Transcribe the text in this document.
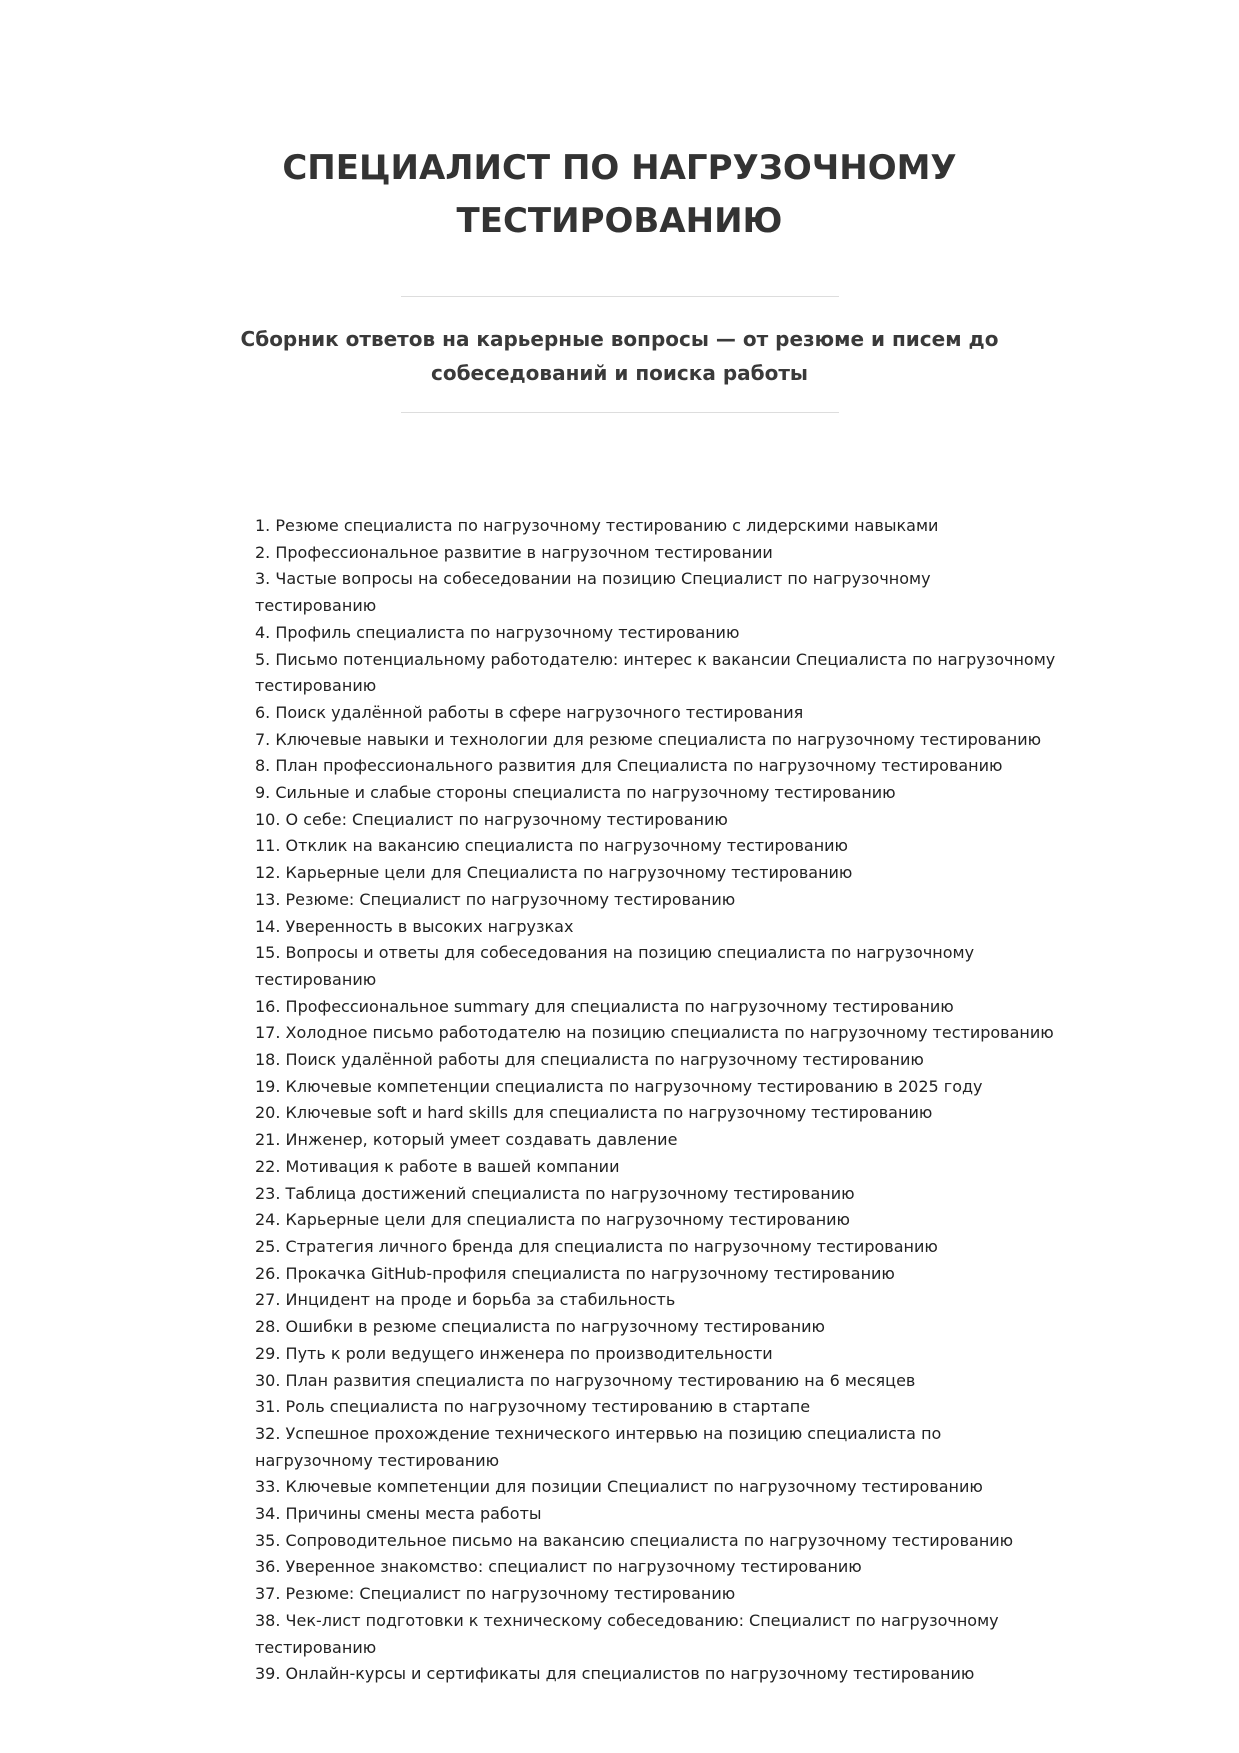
СПЕЦИАЛИСТ ПО НАГРУЗОЧНОМУ
ТЕСТИРОВАНИЮ

Сборник ответов на карьерные вопросы — от резюме и писем до
собеседований и поиска работы

1. Резюме специалиста по нагрузочному тестированию с лидерскими навыками
2. Профессиональное развитие в нагрузочном тестировании
3. Частые вопросы на собеседовании на позицию Специалист по нагрузочному
тестированию
4. Профиль специалиста по нагрузочному тестированию
5. Письмо потенциальному работодателю: интерес к вакансии Специалиста по нагрузочному
тестированию
6. Поиск удалённой работы в сфере нагрузочного тестирования
7. Ключевые навыки и технологии для резюме специалиста по нагрузочному тестированию
8. План профессионального развития для Специалиста по нагрузочному тестированию
9. Сильные и слабые стороны специалиста по нагрузочному тестированию
10. О себе: Специалист по нагрузочному тестированию
11. Отклик на вакансию специалиста по нагрузочному тестированию
12. Карьерные цели для Специалиста по нагрузочному тестированию
13. Резюме: Специалист по нагрузочному тестированию
14. Уверенность в высоких нагрузках
15. Вопросы и ответы для собеседования на позицию специалиста по нагрузочному
тестированию
16. Профессиональное summary для специалиста по нагрузочному тестированию
17. Холодное письмо работодателю на позицию специалиста по нагрузочному тестированию
18. Поиск удалённой работы для специалиста по нагрузочному тестированию
19. Ключевые компетенции специалиста по нагрузочному тестированию в 2025 году
20. Ключевые soft и hard skills для специалиста по нагрузочному тестированию
21. Инженер, который умеет создавать давление
22. Мотивация к работе в вашей компании
23. Таблица достижений специалиста по нагрузочному тестированию
24. Карьерные цели для специалиста по нагрузочному тестированию
25. Стратегия личного бренда для специалиста по нагрузочному тестированию
26. Прокачка GitHub-профиля специалиста по нагрузочному тестированию
27. Инцидент на проде и борьба за стабильность
28. Ошибки в резюме специалиста по нагрузочному тестированию
29. Путь к роли ведущего инженера по производительности
30. План развития специалиста по нагрузочному тестированию на 6 месяцев
31. Роль специалиста по нагрузочному тестированию в стартапе
32. Успешное прохождение технического интервью на позицию специалиста по
нагрузочному тестированию
33. Ключевые компетенции для позиции Специалист по нагрузочному тестированию
34. Причины смены места работы
35. Сопроводительное письмо на вакансию специалиста по нагрузочному тестированию
36. Уверенное знакомство: специалист по нагрузочному тестированию
37. Резюме: Специалист по нагрузочному тестированию
38. Чек-лист подготовки к техническому собеседованию: Специалист по нагрузочному
тестированию
39. Онлайн-курсы и сертификаты для специалистов по нагрузочному тестированию
